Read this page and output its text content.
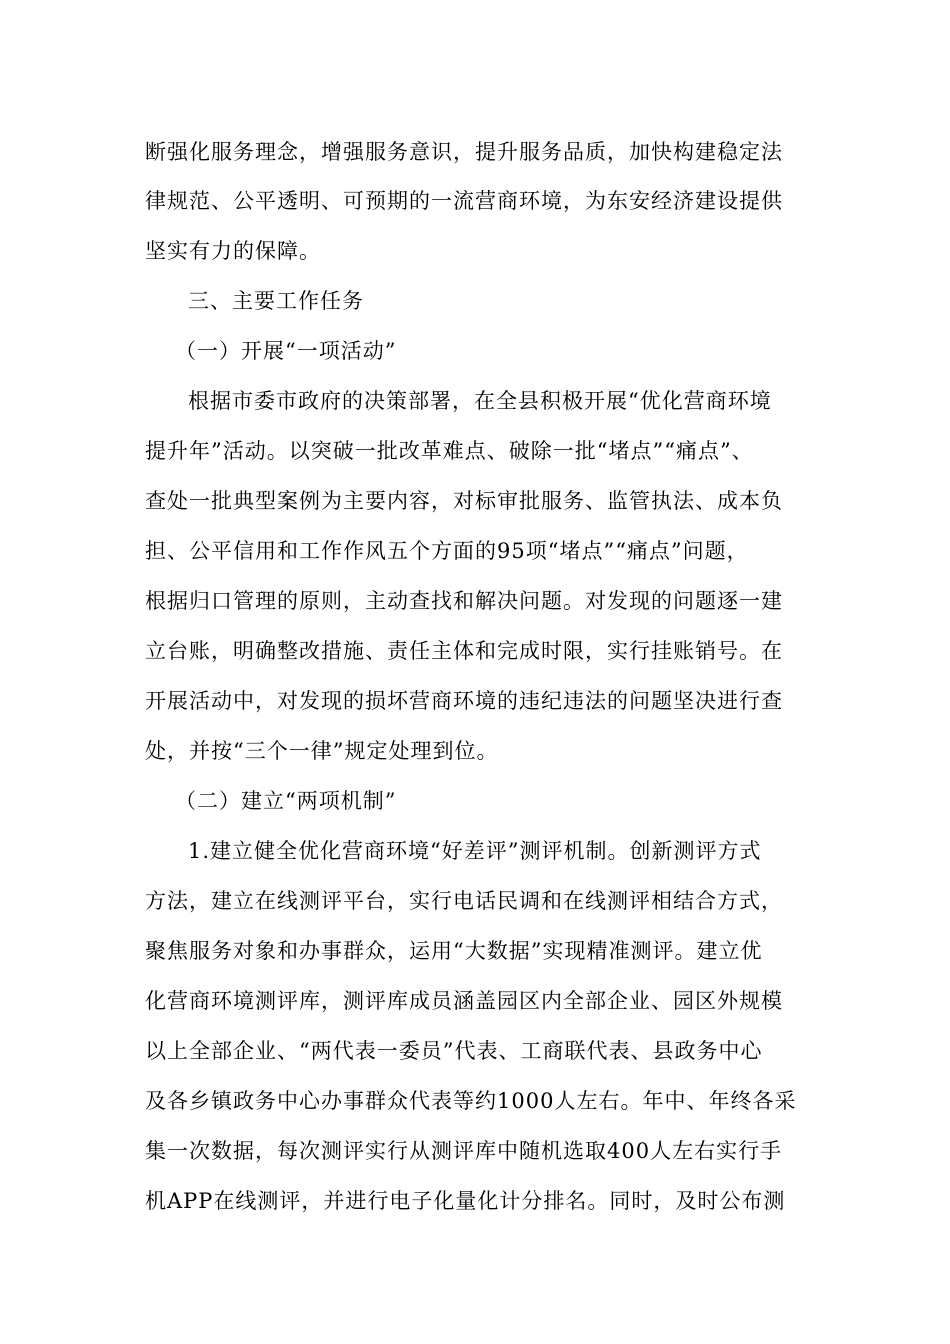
断强化服务理念，增强服务意识，提升服务品质，加快构建稳定法
律规范、公平透明、可预期的一流营商环境，为东安经济建设提供
坚实有力的保障。
三、主要工作任务
（一）开展“一项活动”
根据市委市政府的决策部署，在全县积极开展“优化营商环境
提升年”活动。以突破一批改革难点、破除一批“堵点”“痛点”、
查处一批典型案例为主要内容，对标审批服务、监管执法、成本负
担、公平信用和工作作风五个方面的95项“堵点”“痛点”问题，
根据归口管理的原则，主动查找和解决问题。对发现的问题逐一建
立台账，明确整改措施、责任主体和完成时限，实行挂账销号。在
开展活动中，对发现的损坏营商环境的违纪违法的问题坚决进行查
处，并按“三个一律”规定处理到位。
（二）建立“两项机制”
1.建立健全优化营商环境“好差评”测评机制。创新测评方式
方法，建立在线测评平台，实行电话民调和在线测评相结合方式，
聚焦服务对象和办事群众，运用“大数据”实现精准测评。建立优
化营商环境测评库，测评库成员涵盖园区内全部企业、园区外规模
以上全部企业、“两代表一委员”代表、工商联代表、县政务中心
及各乡镇政务中心办事群众代表等约1000人左右。年中、年终各采
集一次数据，每次测评实行从测评库中随机选取400人左右实行手
机APP在线测评，并进行电子化量化计分排名。同时，及时公布测
